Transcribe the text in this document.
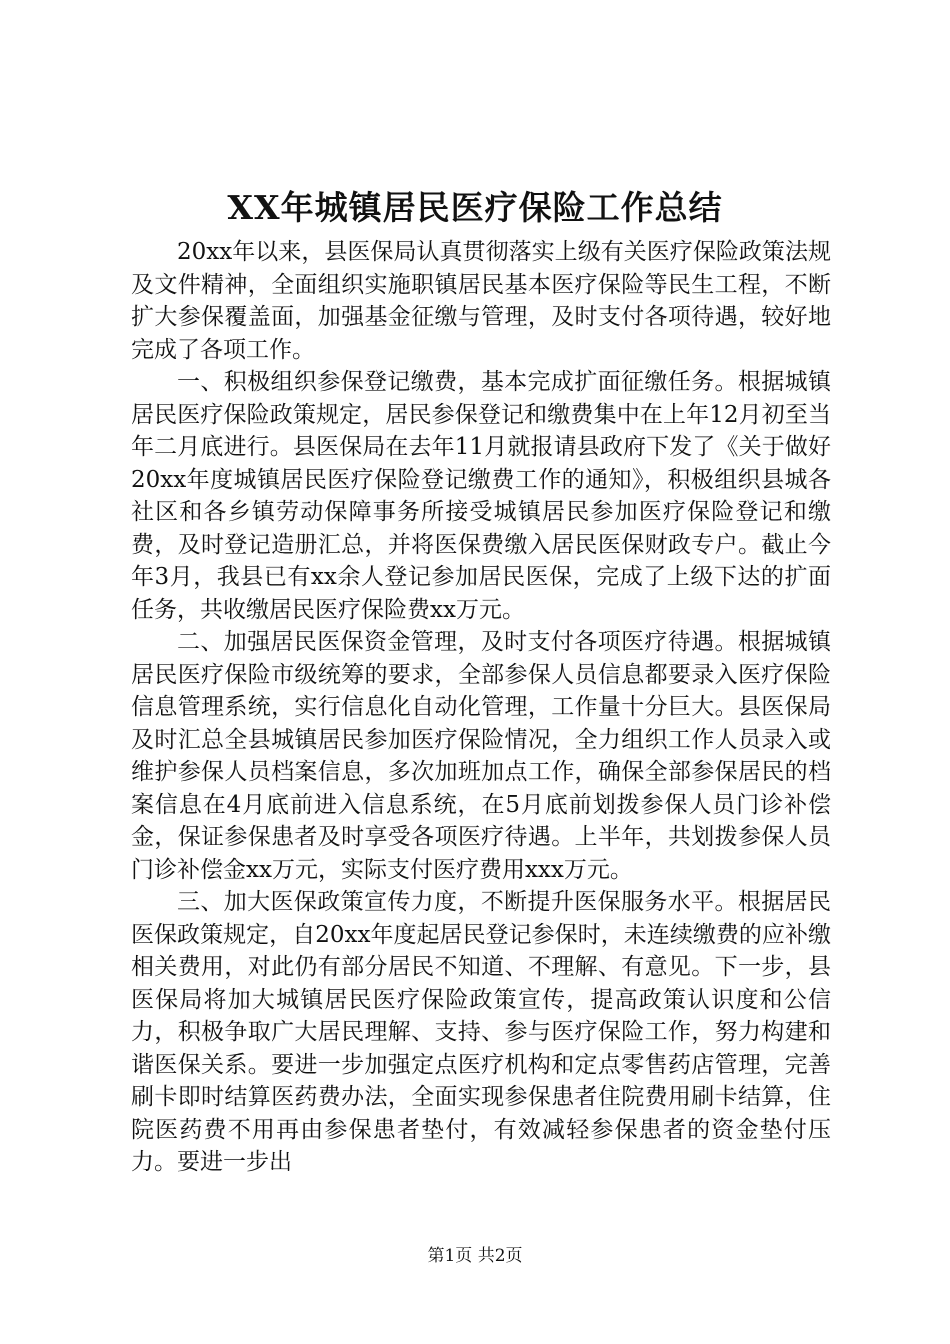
XX年城镇居民医疗保险工作总结

20xx年以来，县医保局认真贯彻落实上级有关医疗保险政策法规及文件精神，全面组织实施职镇居民基本医疗保险等民生工程，不断扩大参保覆盖面，加强基金征缴与管理，及时支付各项待遇，较好地完成了各项工作。

一、积极组织参保登记缴费，基本完成扩面征缴任务。根据城镇居民医疗保险政策规定，居民参保登记和缴费集中在上年12月初至当年二月底进行。县医保局在去年11月就报请县政府下发了《关于做好20xx年度城镇居民医疗保险登记缴费工作的通知》，积极组织县城各社区和各乡镇劳动保障事务所接受城镇居民参加医疗保险登记和缴费，及时登记造册汇总，并将医保费缴入居民医保财政专户。截止今年3月，我县已有xx余人登记参加居民医保，完成了上级下达的扩面任务，共收缴居民医疗保险费xx万元。

二、加强居民医保资金管理，及时支付各项医疗待遇。根据城镇居民医疗保险市级统筹的要求，全部参保人员信息都要录入医疗保险信息管理系统，实行信息化自动化管理，工作量十分巨大。县医保局及时汇总全县城镇居民参加医疗保险情况，全力组织工作人员录入或维护参保人员档案信息，多次加班加点工作，确保全部参保居民的档案信息在4月底前进入信息系统，在5月底前划拨参保人员门诊补偿金，保证参保患者及时享受各项医疗待遇。上半年，共划拨参保人员门诊补偿金xx万元，实际支付医疗费用xxx万元。

三、加大医保政策宣传力度，不断提升医保服务水平。根据居民医保政策规定，自20xx年度起居民登记参保时，未连续缴费的应补缴相关费用，对此仍有部分居民不知道、不理解、有意见。下一步，县医保局将加大城镇居民医疗保险政策宣传，提高政策认识度和公信力，积极争取广大居民理解、支持、参与医疗保险工作，努力构建和谐医保关系。要进一步加强定点医疗机构和定点零售药店管理，完善刷卡即时结算医药费办法，全面实现参保患者住院费用刷卡结算，住院医药费不用再由参保患者垫付，有效减轻参保患者的资金垫付压力。要进一步出

第1页 共2页
